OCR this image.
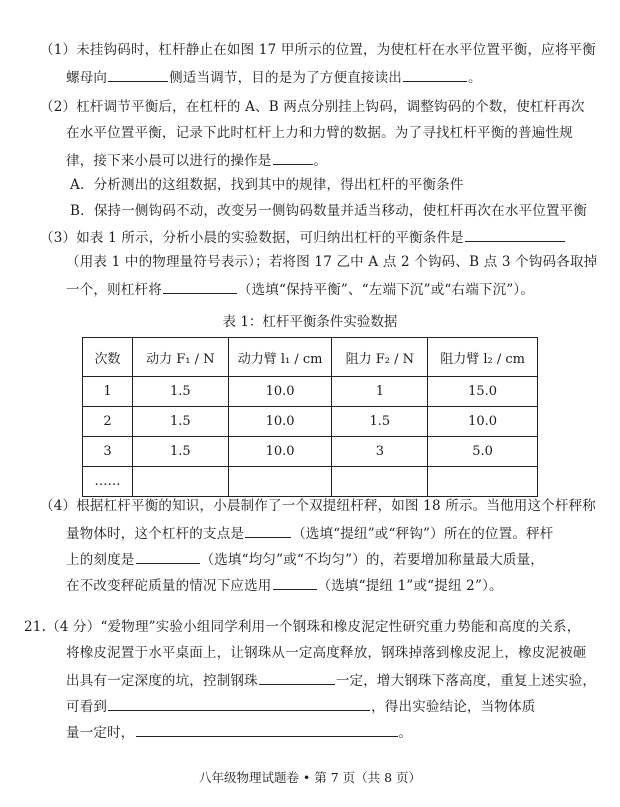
（1）未挂钩码时，杠杆静止在如图 17 甲所示的位置，为使杠杆在水平位置平衡，应将平衡
螺母向	侧适当调节，目的是为了方便直接读出	。
（2）杠杆调节平衡后，在杠杆的 A、B 两点分别挂上钩码，调整钩码的个数，使杠杆再次
在水平位置平衡，记录下此时杠杆上力和力臂的数据。为了寻找杠杆平衡的普遍性规
律，接下来小晨可以进行的操作是	。
A．分析测出的这组数据，找到其中的规律，得出杠杆的平衡条件
B．保持一侧钩码不动，改变另一侧钩码数量并适当移动，使杠杆再次在水平位置平衡
（3）如表 1 所示，分析小晨的实验数据，可归纳出杠杆的平衡条件是
（用表 1 中的物理量符号表示）；若将图 17 乙中 A 点 2 个钩码、B 点 3 个钩码各取掉
一个，则杠杆将	（选填“保持平衡”、“左端下沉”或“右端下沉”）。
表 1：杠杆平衡条件实验数据
次数	动力 F₁ / N	动力臂 l₁ / cm	阻力 F₂ / N	阻力臂 l₂ / cm
1	1.5	10.0	1	15.0
2	1.5	10.0	1.5	10.0
3	1.5	10.0	3	5.0
……				
（4）根据杠杆平衡的知识，小晨制作了一个双提纽杆秤，如图 18 所示。当他用这个杆秤称
量物体时，这个杠杆的支点是	（选填“提纽”或“秤钩”）所在的位置。秤杆
上的刻度是	（选填“均匀”或“不均匀”）的，若要增加称量最大质量，
在不改变秤砣质量的情况下应选用	（选填“提纽 1”或“提纽 2”）。
21.（4 分）“爱物理”实验小组同学利用一个钢珠和橡皮泥定性研究重力势能和高度的关系，
将橡皮泥置于水平桌面上，让钢珠从一定高度释放，钢珠掉落到橡皮泥上，橡皮泥被砸
出具有一定深度的坑，控制钢珠	一定，增大钢珠下落高度，重复上述实验，
可看到	，得出实验结论，当物体质
量一定时，	。
八年级物理试题卷 • 第 7 页（共 8 页）
